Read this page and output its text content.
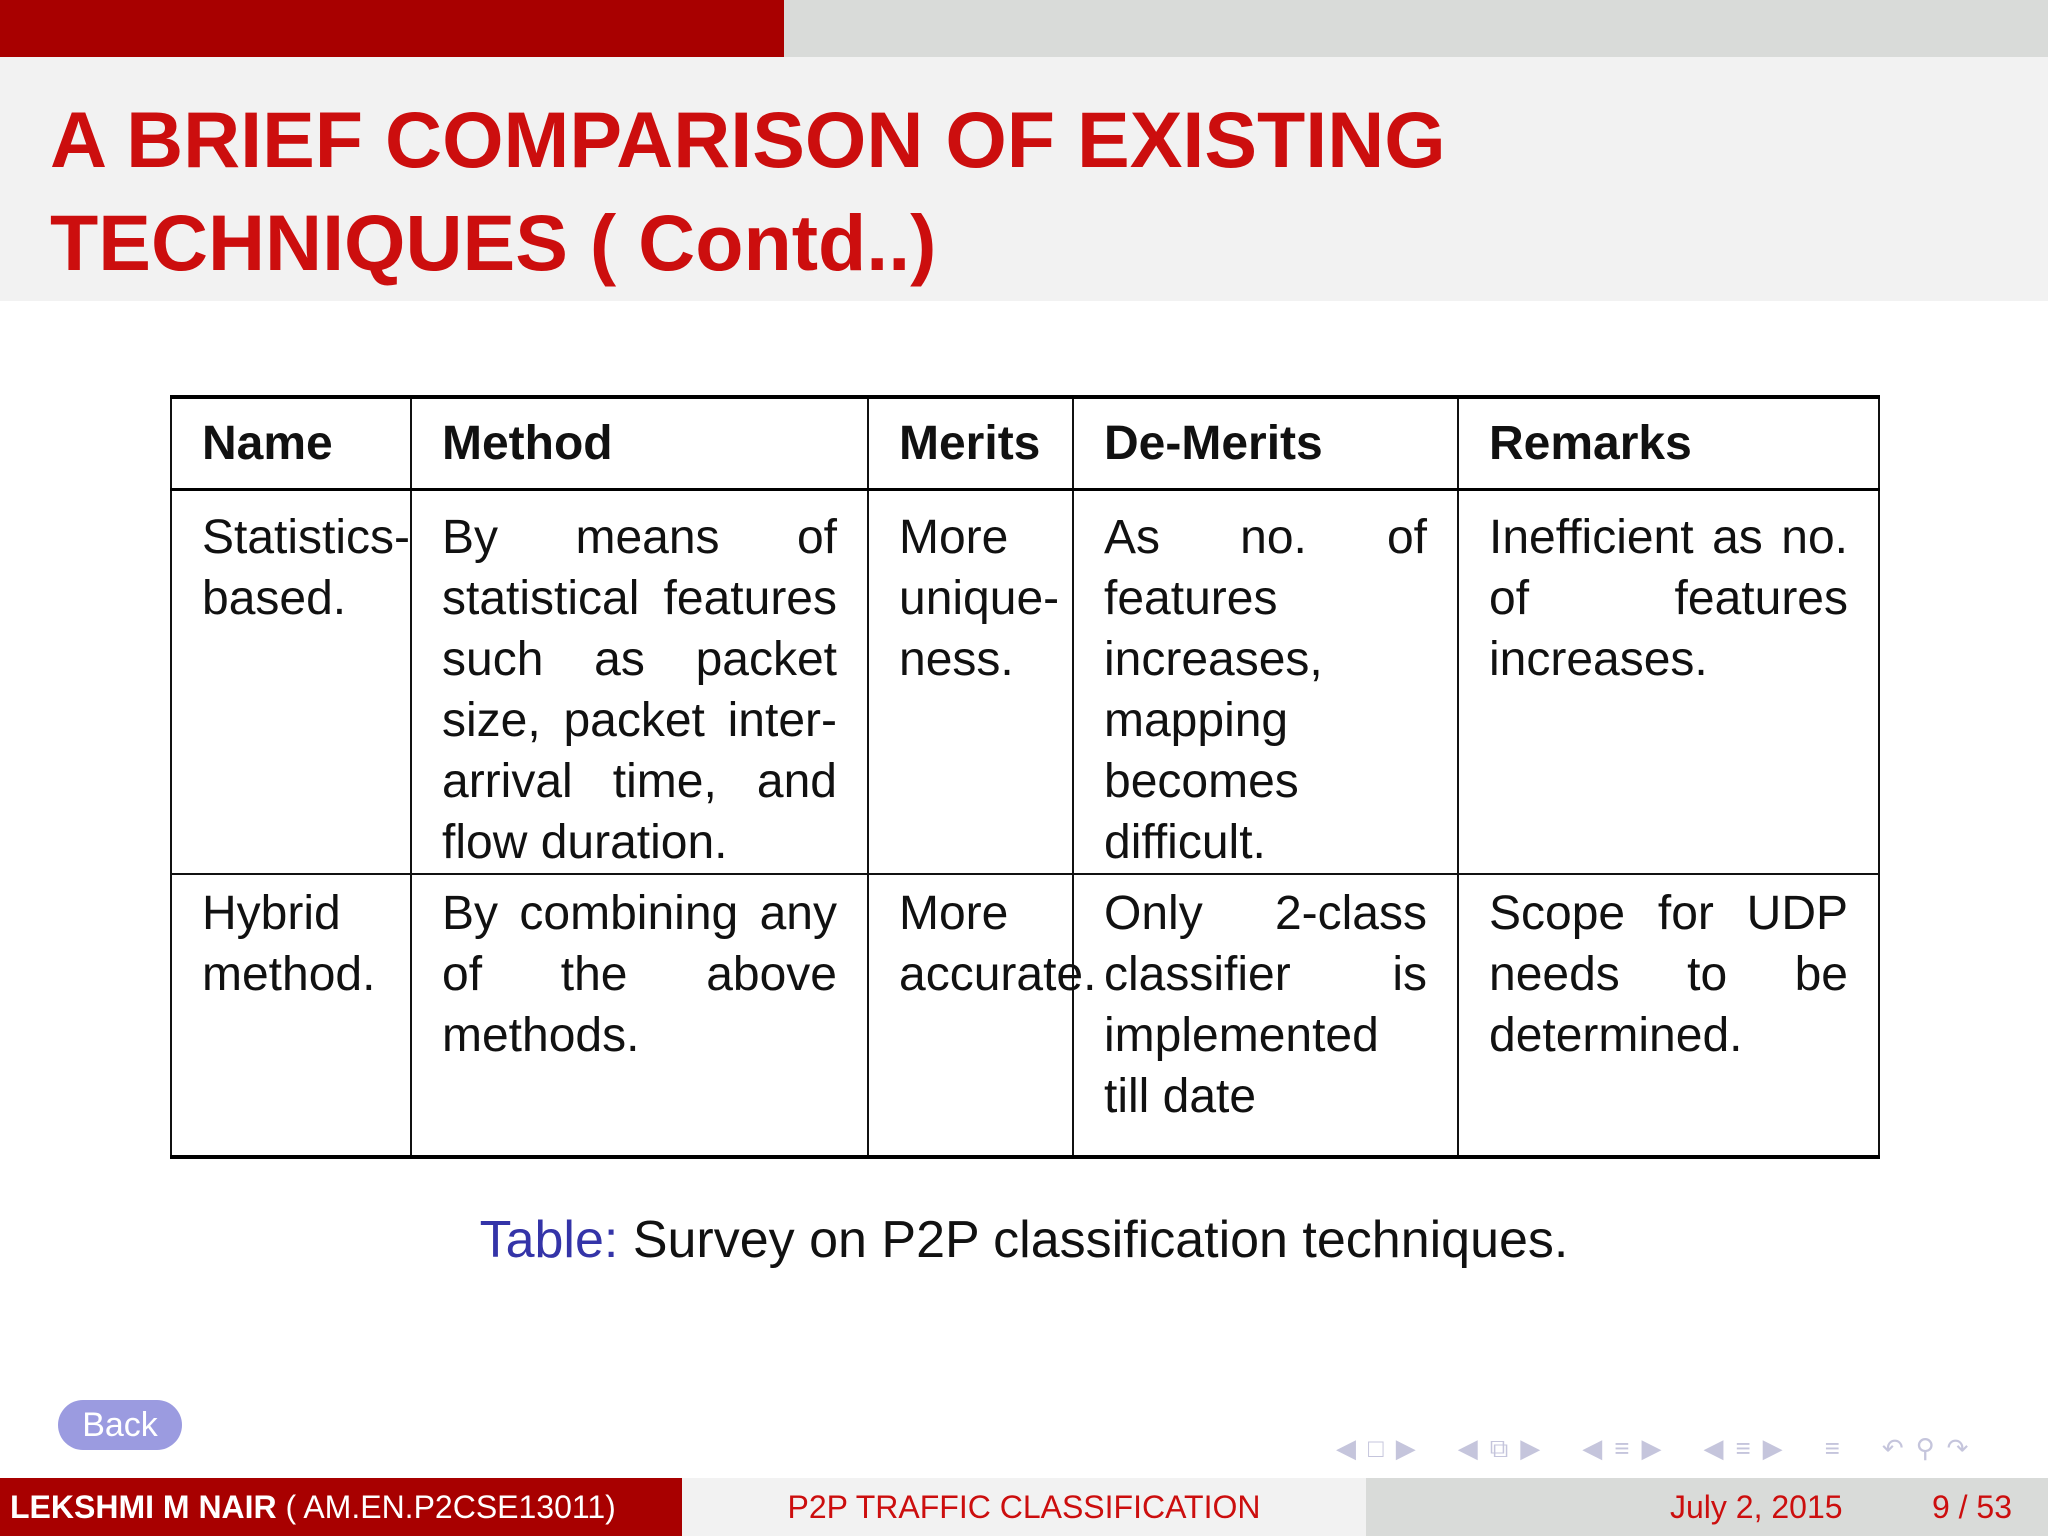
A BRIEF COMPARISON OF EXISTING TECHNIQUES ( Contd..)
Name	Method	Merits	De-Merits	Remarks
Statistics-based.	By means of statistical features such as packet size, packet inter-arrival time, and flow duration.	More unique-ness.	As no. of features increases, mapping becomes difficult.	Inefficient as no. of features increases.
Hybrid method.	By combining any of the above methods.	More accurate.	Only 2-class classifier is implemented till date	Scope for UDP needs to be determined.
Table: Survey on P2P classification techniques.
Back
◀ □ ▶ ◀ ⧉ ▶ ◀ ≡ ▶ ◀ ≡ ▶ ≡ ↶ ⚲ ↷
LEKSHMI M NAIR ( AM.EN.P2CSE13011)	P2P TRAFFIC CLASSIFICATION	July 2, 2015	9 / 53
